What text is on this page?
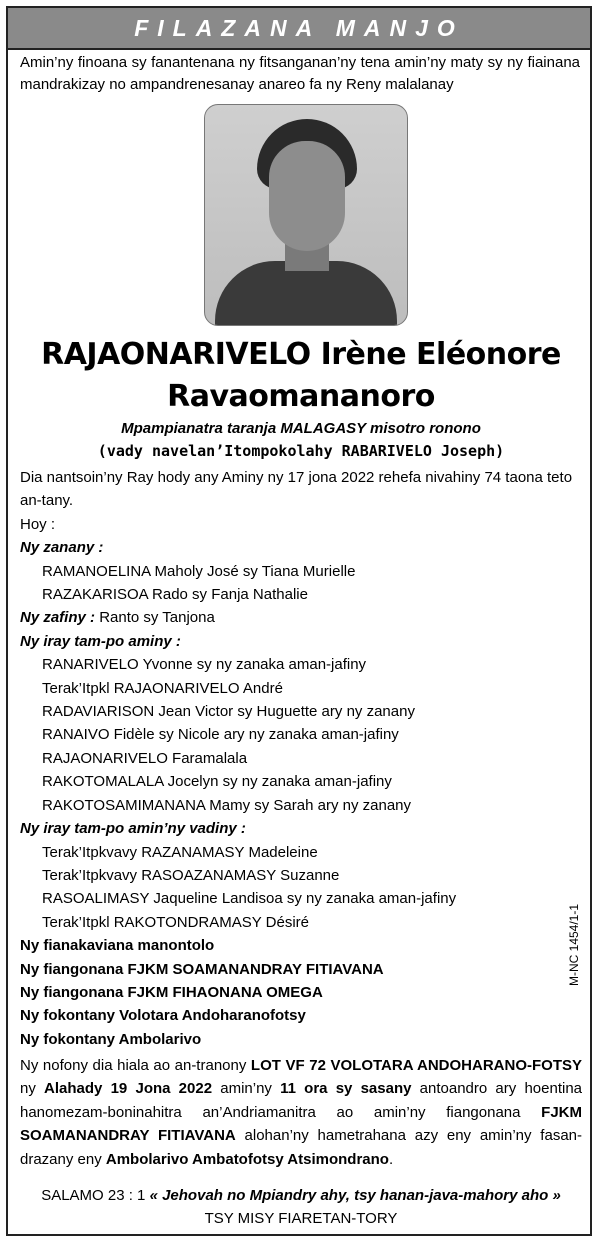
FILAZANA MANJO
Amin’ny finoana sy fanantenana ny fitsanganan’ny tena amin’ny maty sy ny fiainana mandrakizay no ampandrenesanay anareo fa ny Reny malalanay
RAJAONARIVELO Irène Eléonore
Ravaomananoro
Mpampianatra taranja MALAGASY misotro ronono
(vady navelan’Itompokolahy RABARIVELO Joseph)

Dia nantsoin’ny Ray hody any Aminy ny 17 jona 2022 rehefa nivahiny 74 taona teto an-tany.

Hoy :

Ny zanany :

RAMANOELINA Maholy José sy Tiana Murielle

RAZAKARISOA Rado sy Fanja Nathalie

Ny zafiny : Ranto sy Tanjona

Ny iray tam-po aminy :

RANARIVELO Yvonne sy ny zanaka aman-jafiny

Terak’Itpkl RAJAONARIVELO André

RADAVIARISON Jean Victor sy Huguette ary ny zanany

RANAIVO Fidèle sy Nicole ary ny zanaka aman-jafiny

RAJAONARIVELO Faramalala

RAKOTOMALALA Jocelyn sy ny zanaka aman-jafiny

RAKOTOSAMIMANANA Mamy sy Sarah ary ny zanany

Ny iray tam-po amin’ny vadiny :

Terak’Itpkvavy RAZANAMASY Madeleine

Terak’Itpkvavy RASOAZANAMASY Suzanne

RASOALIMASY Jaqueline Landisoa sy ny zanaka aman-jafiny

Terak’Itpkl RAKOTONDRAMASY Désiré

Ny fianakaviana manontolo

Ny fiangonana FJKM SOAMANANDRAY FITIAVANA

Ny fiangonana FJKM FIHAONANA OMEGA

Ny fokontany Volotara Andoharanofotsy

Ny fokontany Ambolarivo

Ny nofony dia hiala ao an-tranony LOT VF 72 VOLOTARA ANDOHARANO-FOTSY ny Alahady 19 Jona 2022 amin’ny 11 ora sy sasany antoandro ary hoentina hanomezam-boninahitra an’Andriamanitra ao amin’ny fiangonana FJKM SOAMANANDRAY FITIAVANA alohan’ny hametrahana azy eny amin’ny fasan-drazany eny Ambolarivo Ambatofotsy Atsimondrano.
SALAMO 23 : 1 « Jehovah no Mpiandry ahy, tsy hanan-java-mahory aho »
TSY MISY FIARETAN-TORY
M-NC 1454/1-1
